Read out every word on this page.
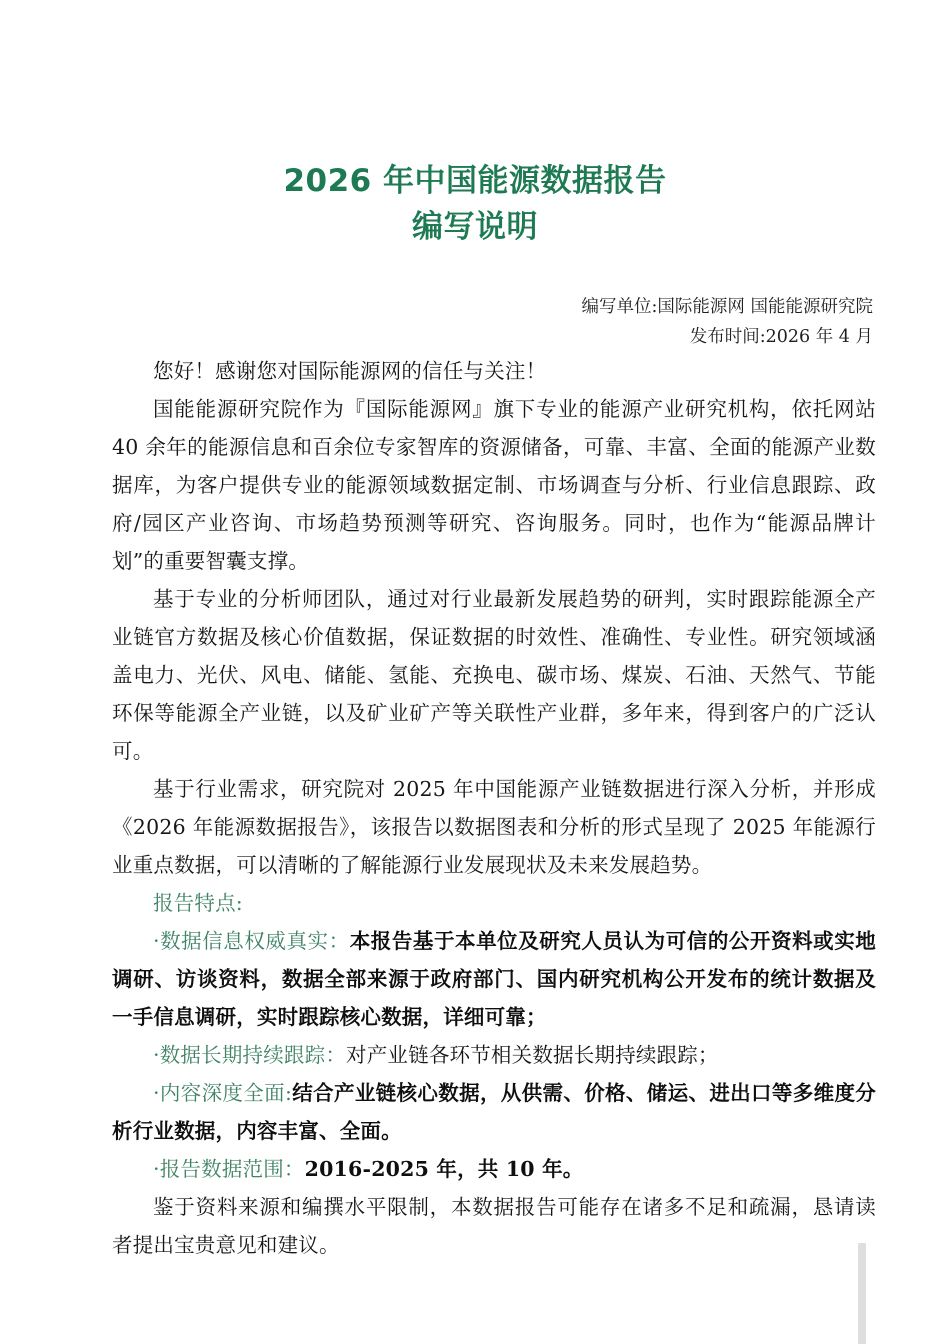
2026 年中国能源数据报告
编写说明
编写单位:国际能源网 国能能源研究院
发布时间:2026 年 4 月

您好！感谢您对国际能源网的信任与关注！

国能能源研究院作为『国际能源网』旗下专业的能源产业研究机构，依托网站 40 余年的能源信息和百余位专家智库的资源储备，可靠、丰富、全面的能源产业数据库，为客户提供专业的能源领域数据定制、市场调查与分析、行业信息跟踪、政府/园区产业咨询、市场趋势预测等研究、咨询服务。同时，也作为“能源品牌计划”的重要智囊支撑。

基于专业的分析师团队，通过对行业最新发展趋势的研判，实时跟踪能源全产业链官方数据及核心价值数据，保证数据的时效性、准确性、专业性。研究领域涵盖电力、光伏、风电、储能、氢能、充换电、碳市场、煤炭、石油、天然气、节能环保等能源全产业链，以及矿业矿产等关联性产业群，多年来，得到客户的广泛认可。

基于行业需求，研究院对 2025 年中国能源产业链数据进行深入分析，并形成《2026 年能源数据报告》，该报告以数据图表和分析的形式呈现了 2025 年能源行业重点数据，可以清晰的了解能源行业发展现状及未来发展趋势。

报告特点:

·数据信息权威真实：本报告基于本单位及研究人员认为可信的公开资料或实地调研、访谈资料，数据全部来源于政府部门、国内研究机构公开发布的统计数据及一手信息调研，实时跟踪核心数据，详细可靠；

·数据长期持续跟踪：对产业链各环节相关数据长期持续跟踪；

·内容深度全面:结合产业链核心数据，从供需、价格、储运、进出口等多维度分析行业数据，内容丰富、全面。

·报告数据范围：2016-2025 年，共 10 年。

鉴于资料来源和编撰水平限制，本数据报告可能存在诸多不足和疏漏，恳请读者提出宝贵意见和建议。
